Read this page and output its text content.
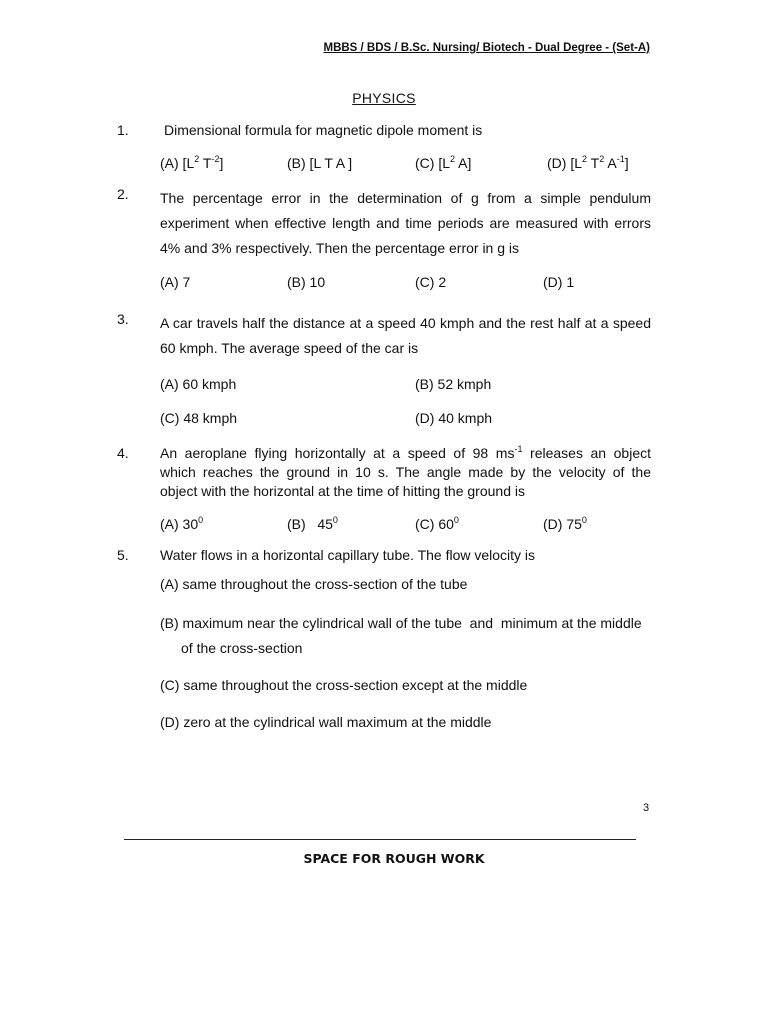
MBBS / BDS / B.Sc. Nursing/ Biotech - Dual Degree - (Set-A)
PHYSICS
1.	Dimensional formula for magnetic dipole moment is
(A) [$L^2$ $T^{-2}$]	(B) [L T A ]	(C) [$L^2$ A]	(D) [$L^2$ $T^2$ $A^{-1}$]
2. The percentage error in the determination of g from a simple pendulum
experiment when effective length and time periods are measured with errors
4% and 3% respectively. Then the percentage error in g is
(A) 7	(B) 10	(C) 2	(D) 1
3. A car travels half the distance at a speed 40 kmph and the rest half at a speed
60 kmph. The average speed of the car is
(A) 60 kmph	(B) 52 kmph
(C) 48 kmph	(D) 40 kmph
4. An aeroplane flying horizontally at a speed of 98 $ms^{-1}$ releases an object
which reaches the ground in 10 s. The angle made by the velocity of the
object with the horizontal at the time of hitting the ground is
(A) $30^0$	(B)   $45^0$	(C) $60^0$	(D) $75^0$
5. Water flows in a horizontal capillary tube. The flow velocity is
(A) same throughout the cross-section of the tube
(B) maximum near the cylindrical wall of the tube  and  minimum at the middle
of the cross-section
(C) same throughout the cross-section except at the middle
(D) zero at the cylindrical wall maximum at the middle
3
SPACE FOR ROUGH WORK
